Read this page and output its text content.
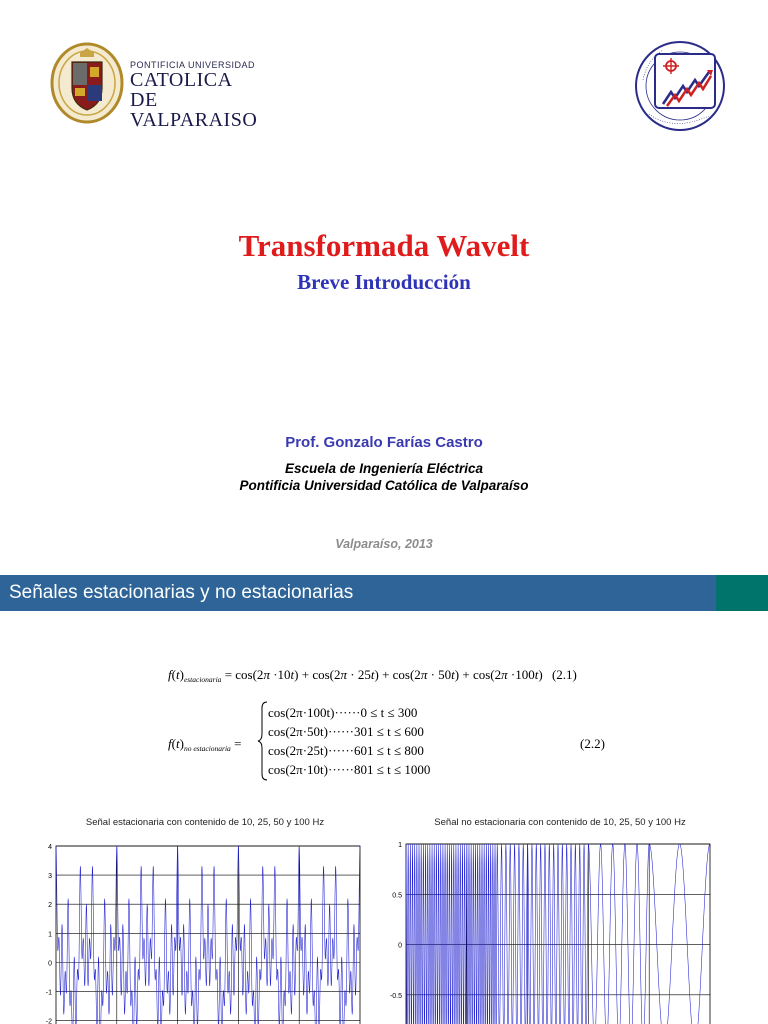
PONTIFICIA UNIVERSIDAD
CATOLICA
DE VALPARAISO
Transformada Wavelt
Breve Introducción
Prof. Gonzalo Farías Castro
Escuela de Ingeniería Eléctrica
Pontificia Universidad Católica de Valparaíso
Valparaíso, 2013
Señales estacionarias y no estacionarias
$f(t)_{estacionaria} = \cos(2\pi \cdot 10t) + \cos(2\pi \cdot 25t) + \cos(2\pi \cdot 50t) + \cos(2\pi \cdot 100t)$ (2.1)
$f(t)_{no estacionaria}$ =
cos(2π·100t)······0 ≤ t ≤ 300
cos(2π·50t)······301 ≤ t ≤ 600
cos(2π·25t)······601 ≤ t ≤ 800
cos(2π·10t)······801 ≤ t ≤ 1000
(2.2)
Señal estacionaria con contenido de 10, 25, 50 y 100 Hz
4
3
2
1
0
-1
-2
Señal no estacionaria con contenido de 10, 25, 50 y 100 Hz
1
0.5
0
-0.5
